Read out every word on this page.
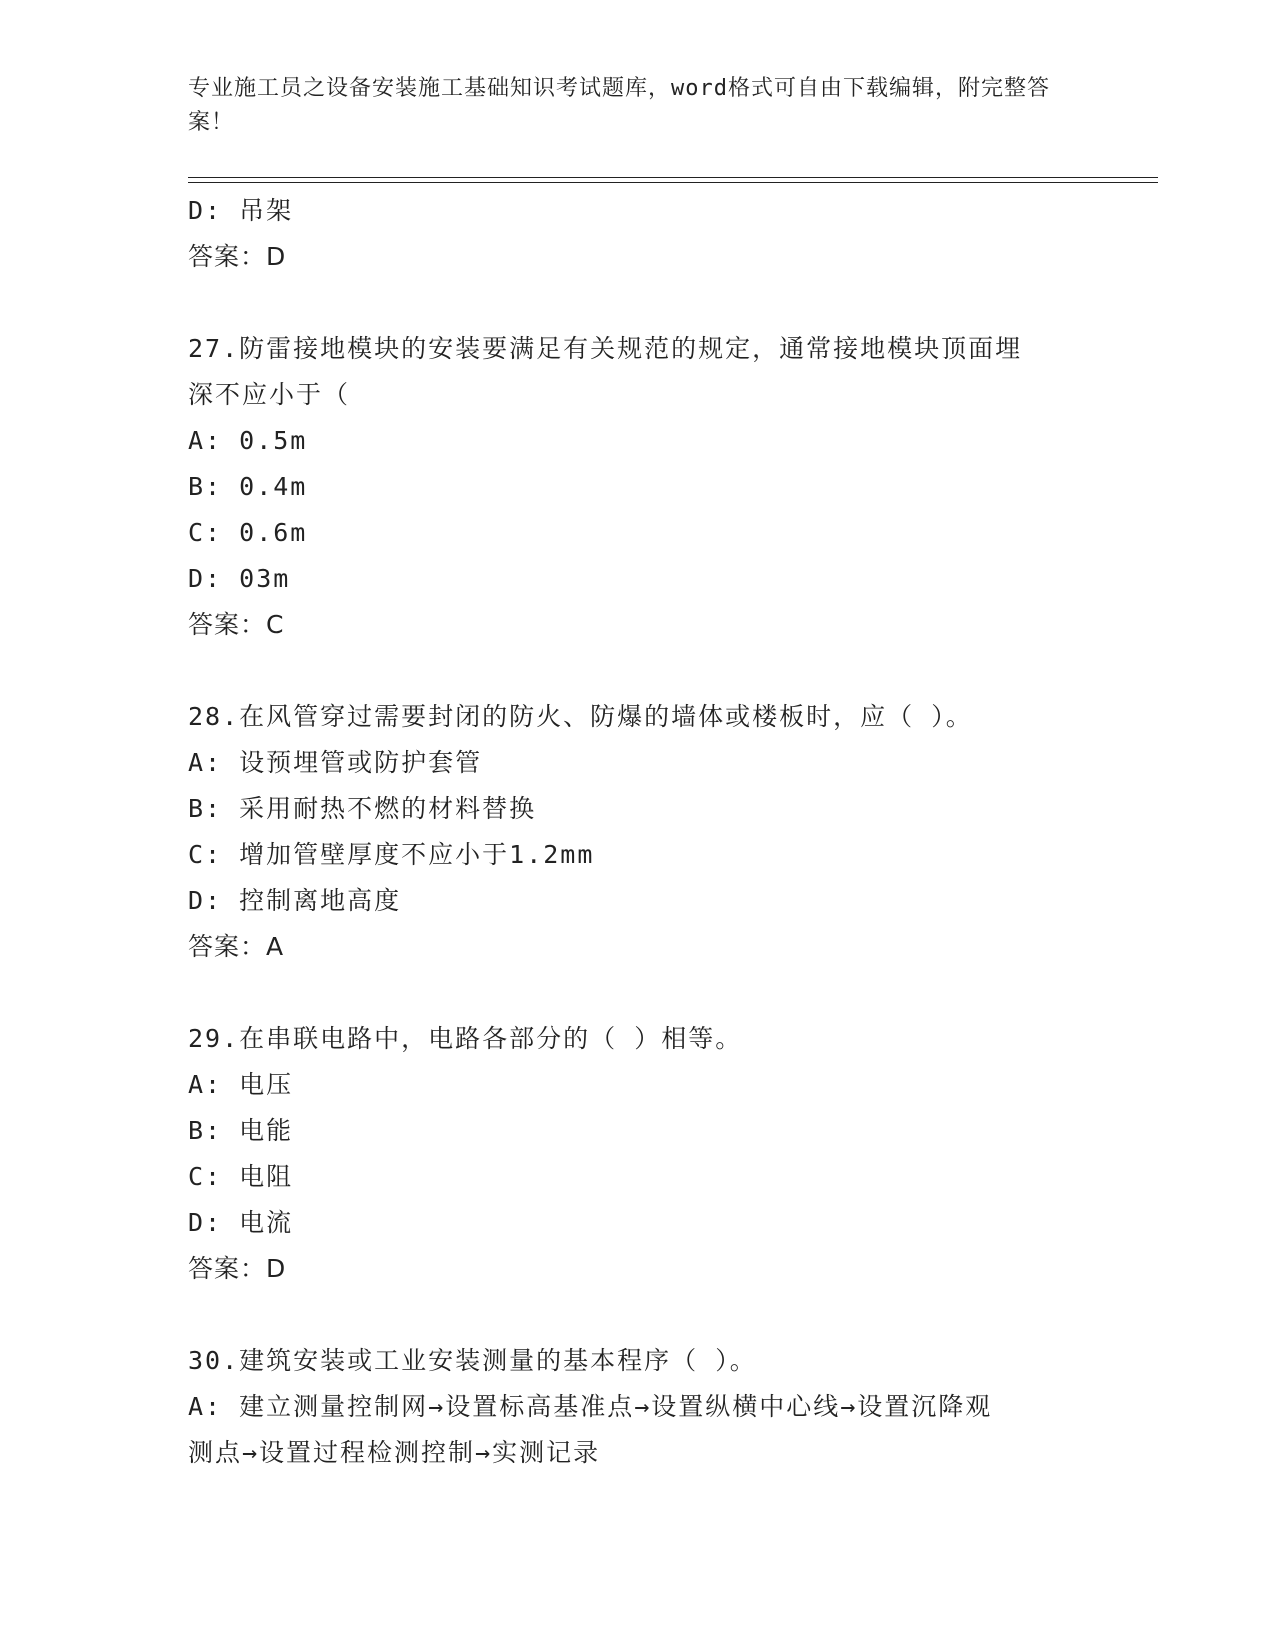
专业施工员之设备安装施工基础知识考试题库，word格式可自由下载编辑，附完整答案！
D: 吊架
答案：D
27.防雷接地模块的安装要满足有关规范的规定，通常接地模块顶面埋
深不应小于（
A: 0.5m
B: 0.4m
C: 0.6m
D: 03m
答案：C
28.在风管穿过需要封闭的防火、防爆的墙体或楼板时，应（ ）。
A: 设预埋管或防护套管
B: 采用耐热不燃的材料替换
C: 增加管壁厚度不应小于1.2mm
D: 控制离地高度
答案：A
29.在串联电路中，电路各部分的（ ）相等。
A: 电压
B: 电能
C: 电阻
D: 电流
答案：D
30.建筑安装或工业安装测量的基本程序（ ）。
A: 建立测量控制网→设置标高基准点→设置纵横中心线→设置沉降观
测点→设置过程检测控制→实测记录
